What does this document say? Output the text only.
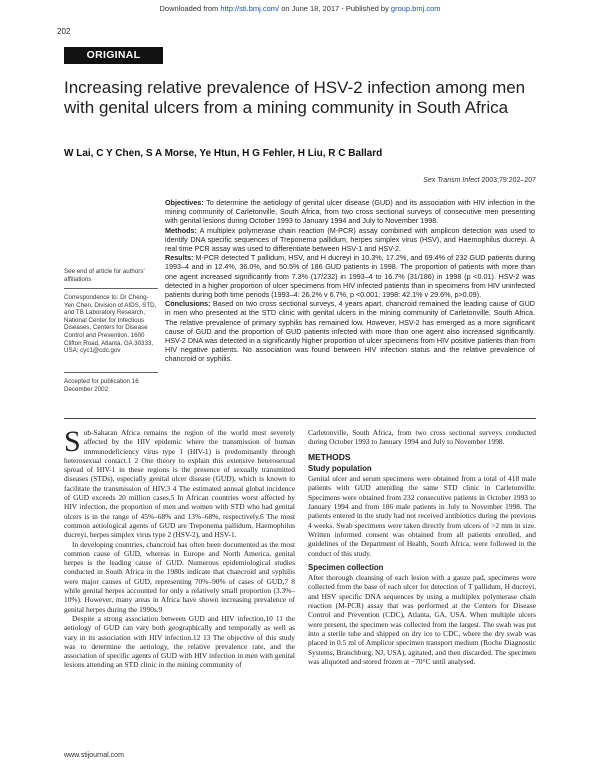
Downloaded from http://sti.bmj.com/ on June 18, 2017 - Published by group.bmj.com
202
ORIGINAL ARTICLE
Increasing relative prevalence of HSV-2 infection among men with genital ulcers from a mining community in South Africa
W Lai, C Y Chen, S A Morse, Ye Htun, H G Fehler, H Liu, R C Ballard
Sex Transm Infect 2003;79:202–207

Objectives: To determine the aetiology of genital ulcer disease (GUD) and its association with HIV infection in the mining community of Carletonville, South Africa, from two cross sectional surveys of consecutive men presenting with genital lesions during October 1993 to January 1994 and July to November 1998.

Methods: A multiplex polymerase chain reaction (M-PCR) assay combined with amplicon detection was used to identify DNA specific sequences of Treponema pallidum, herpes simplex virus (HSV), and Haemophilus ducreyi. A real time PCR assay was used to differentiate between HSV-1 and HSV-2.

Results: M-PCR detected T pallidum, HSV, and H ducreyi in 10.3%, 17.2%, and 69.4% of 232 GUD patients during 1993–4 and in 12.4%, 36.0%, and 50.5% of 186 GUD patients in 1998. The proportion of patients with more than one agent increased significantly from 7.3% (17/232) in 1993–4 to 16.7% (31/186) in 1998 (p <0.01). HSV-2 was detected in a higher proportion of ulcer specimens from HIV infected patients than in specimens from HIV uninfected patients during both time periods (1993–4: 26.2% v 6.7%, p <0.001; 1998: 42.1% v 29.6%, p>0.09).

Conclusions: Based on two cross sectional surveys, 4 years apart, chancroid remained the leading cause of GUD in men who presented at the STD clinic with genital ulcers in the mining community of Carletonville, South Africa. The relative prevalence of primary syphilis has remained low. However, HSV-2 has emerged as a more significant cause of GUD and the proportion of GUD patients infected with more than one agent also increased significantly. HSV-2 DNA was detected in a significantly higher proportion of ulcer specimens from HIV positive patients than from HIV negative patients. No association was found between HIV infection status and the relative prevalence of chancroid or syphilis.

See end of article for authors' affiliations
Correspondence to: Dr Cheng-Yen Chen, Division of AIDS, STD, and TB Laboratory Research, National Center for Infectious Diseases, Centers for Disease Control and Prevention, 1600 Clifton Road, Atlanta, GA 30333, USA; cyc1@cdc.gov
Accepted for publication 16 December 2002

Sub-Saharan Africa remains the region of the world most severely affected by the HIV epidemic where the transmission of human immunodeficiency virus type 1 (HIV-1) is predominantly through heterosexual contact.1 2 One theory to explain this extensive heterosexual spread of HIV-1 in these regions is the presence of sexually transmitted diseases (STDs), especially genital ulcer disease (GUD), which is known to facilitate the transmission of HIV.3 4 The estimated annual global incidence of GUD exceeds 20 million cases.5 In African countries worst affected by HIV infection, the proportion of men and women with STD who had genital ulcers is in the range of 45%–68% and 13%–68%, respectively.6 The most common aetiological agents of GUD are Treponema pallidum, Haemophilus ducreyi, herpes simplex virus type 2 (HSV-2), and HSV-1.

In developing countries, chancroid has often been documented as the most common cause of GUD, whereas in Europe and North America, genital herpes is the leading cause of GUD. Numerous epidemiological studies conducted in South Africa in the 1980s indicate that chancroid and syphilis were major causes of GUD, representing 70%–90% of cases of GUD,7 8 while genital herpes accounted for only a relatively small proportion (3.3%–10%). However, many areas in Africa have shown increasing prevalence of genital herpes during the 1990s.9

Despite a strong association between GUD and HIV infection,10 11 the aetiology of GUD can vary both geographically and temporally as well as vary in its association with HIV infection.12 13 The objective of this study was to determine the aetiology, the relative prevalence rate, and the association of specific agents of GUD with HIV infection in men with genital lesions attending an STD clinic in the mining community of

Carletonville, South Africa, from two cross sectional surveys conducted during October 1993 to January 1994 and July to November 1998.

METHODS
Study population

Genital ulcer and serum specimens were obtained from a total of 418 male patients with GUD attending the same STD clinic in Carletonville. Specimens were obtained from 232 consecutive patients in October 1993 to January 1994 and from 186 male patients in July to November 1998. The patients entered in the study had not received antibiotics during the previous 4 weeks. Swab specimens were taken directly from ulcers of >2 mm in size. Written informed consent was obtained from all patients enrolled, and guidelines of the Department of Health, South Africa, were followed in the conduct of this study.

Specimen collection

After thorough cleansing of each lesion with a gauze pad, specimens were collected from the base of each ulcer for detection of T pallidum, H ducreyi, and HSV specific DNA sequences by using a multiplex polymerase chain reaction (M-PCR) assay that was performed at the Centers for Disease Control and Prevention (CDC), Atlanta, GA, USA. When multiple ulcers were present, the specimen was collected from the largest. The swab was put into a sterile tube and shipped on dry ice to CDC, where the dry swab was placed in 0.5 ml of Amplicor specimen transport medium (Roche Diagnostic Systems, Branchburg, NJ, USA), agitated, and then discarded. The specimen was aliquoted and stored frozen at −70°C until analysed.

www.stijournal.com
